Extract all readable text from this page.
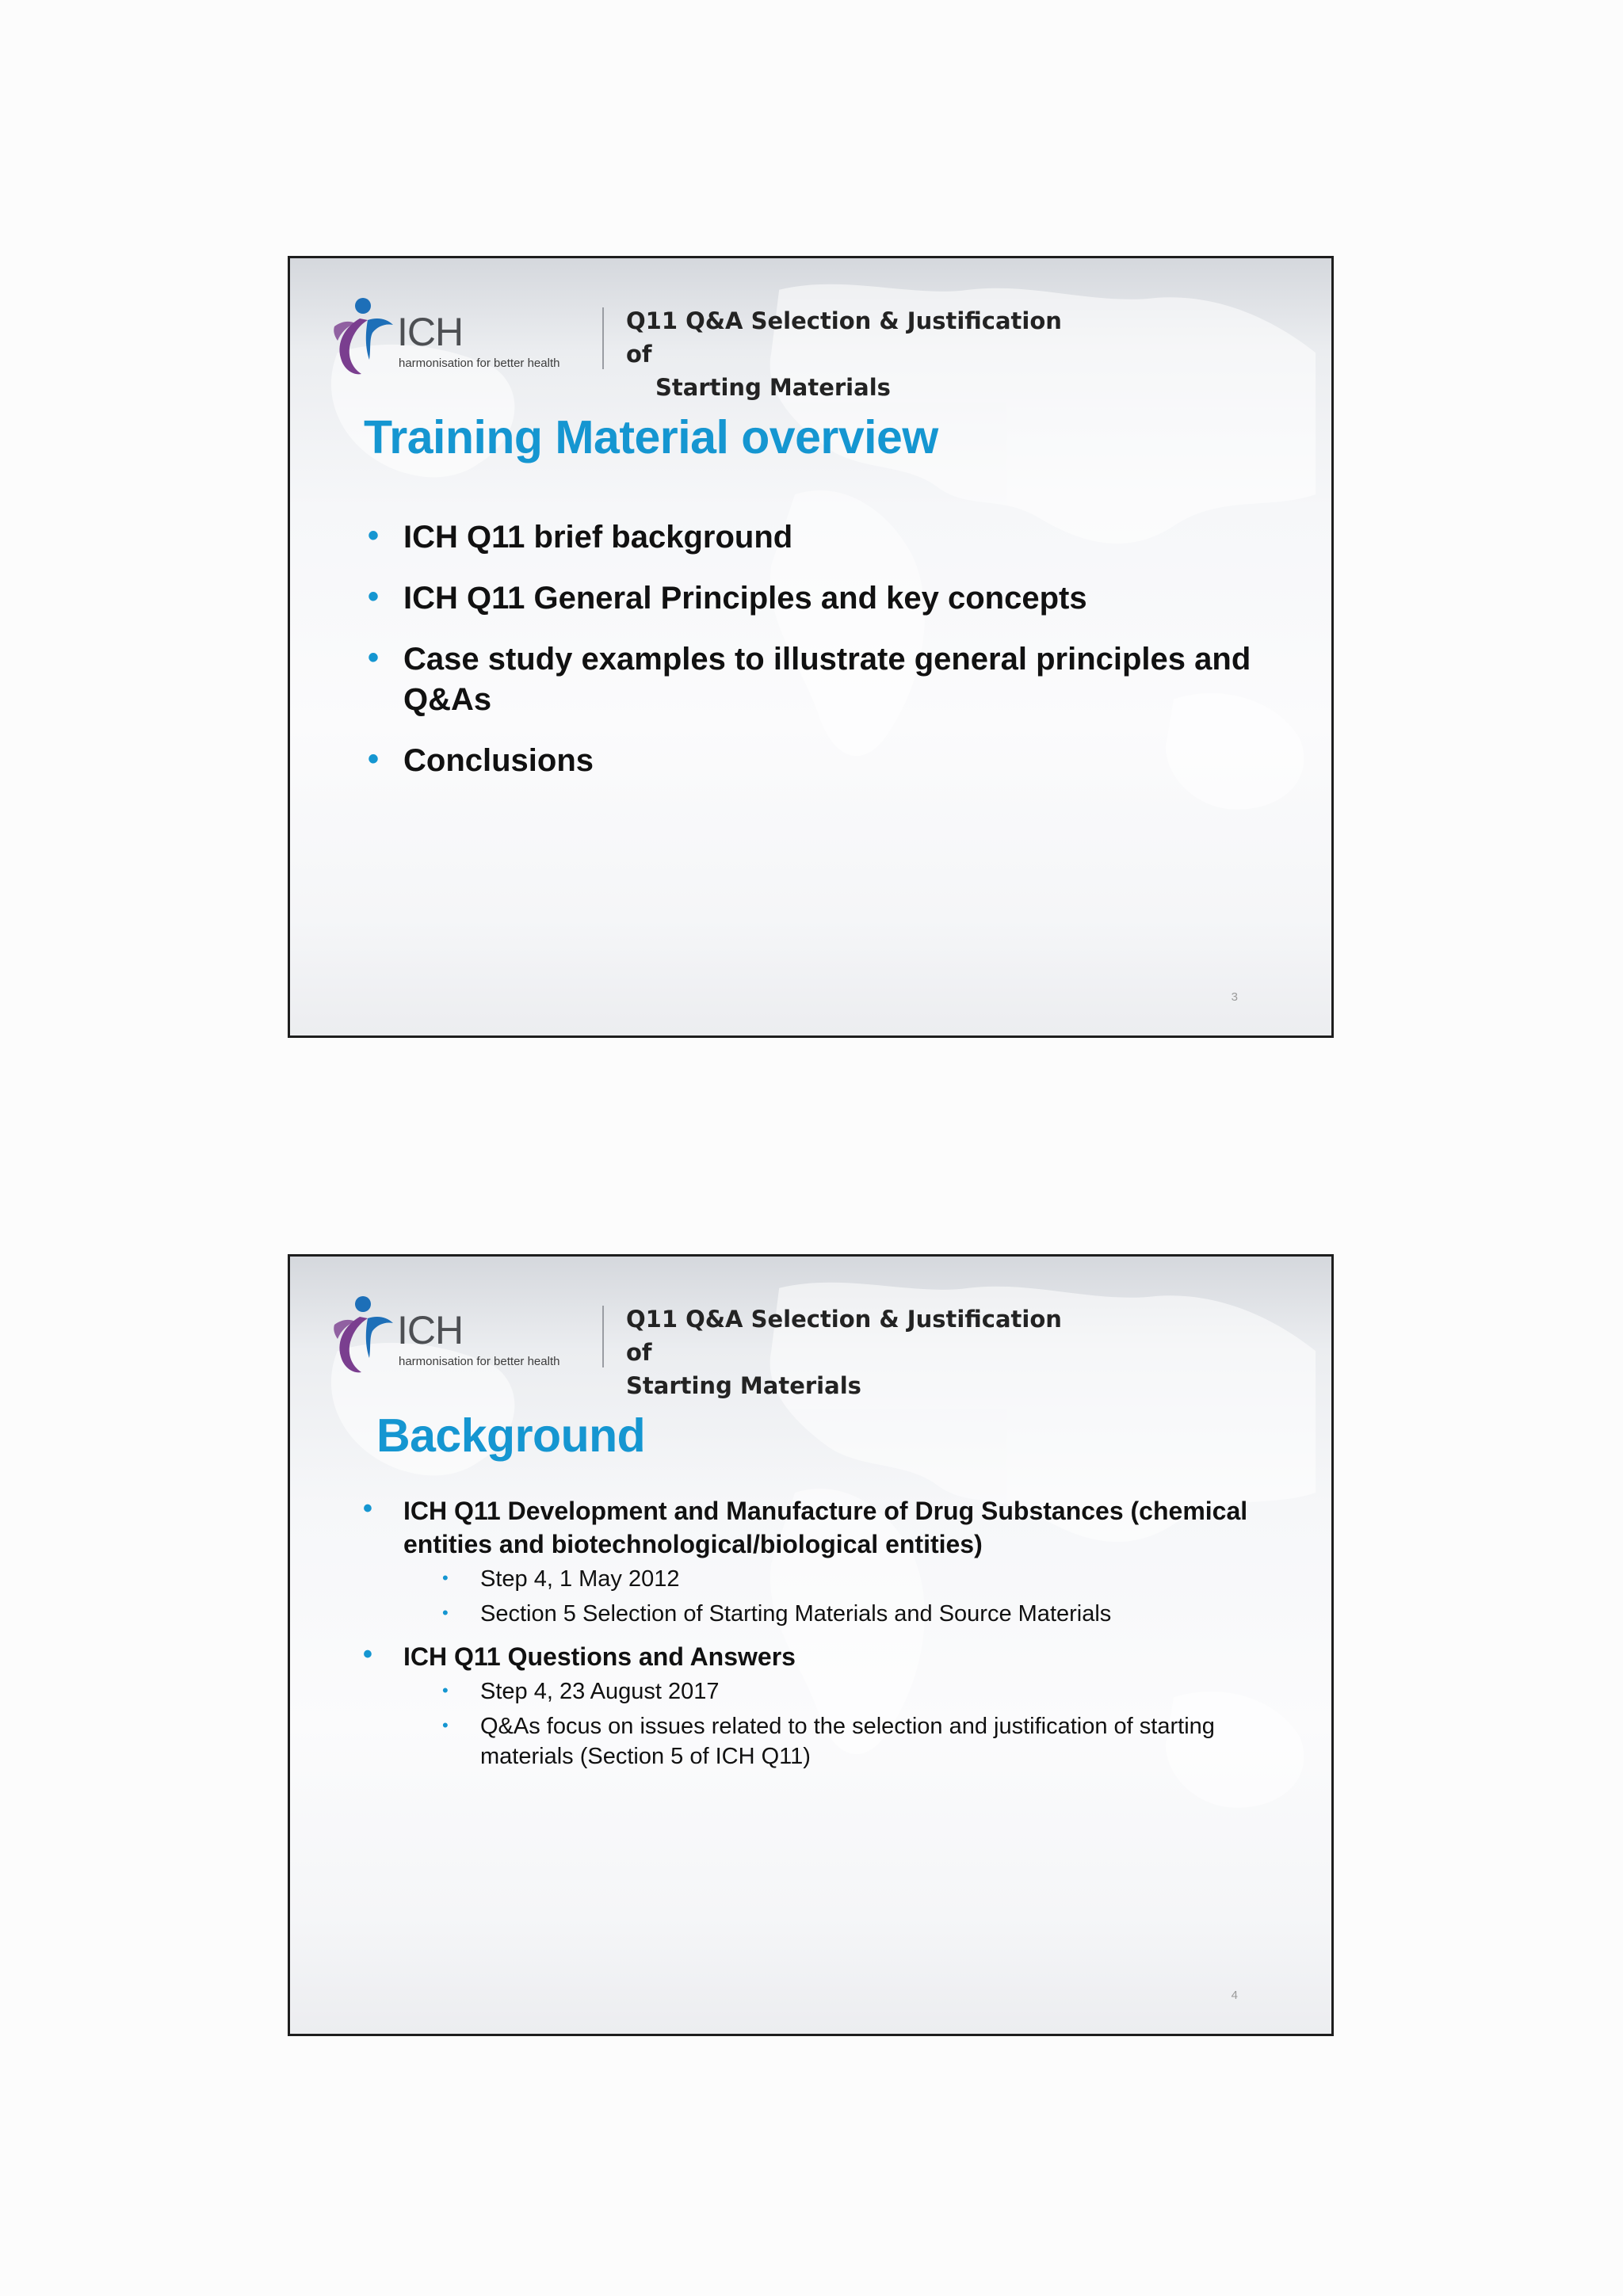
ICH
harmonisation for better health
Q11 Q&A Selection & Justification of
Starting Materials
Training Material overview
• ICH Q11 brief background
• ICH Q11 General Principles and key concepts
• Case study examples to illustrate general principles and Q&As
• Conclusions
3
ICH
harmonisation for better health
Q11 Q&A Selection & Justification of
Starting Materials
Background
• ICH Q11 Development and Manufacture of Drug Substances (chemical entities and biotechnological/biological entities)
• Step 4, 1 May 2012
• Section 5 Selection of Starting Materials and Source Materials
• ICH Q11 Questions and Answers
• Step 4, 23 August 2017
• Q&As focus on issues related to the selection and justification of starting materials (Section 5 of ICH Q11)
4
